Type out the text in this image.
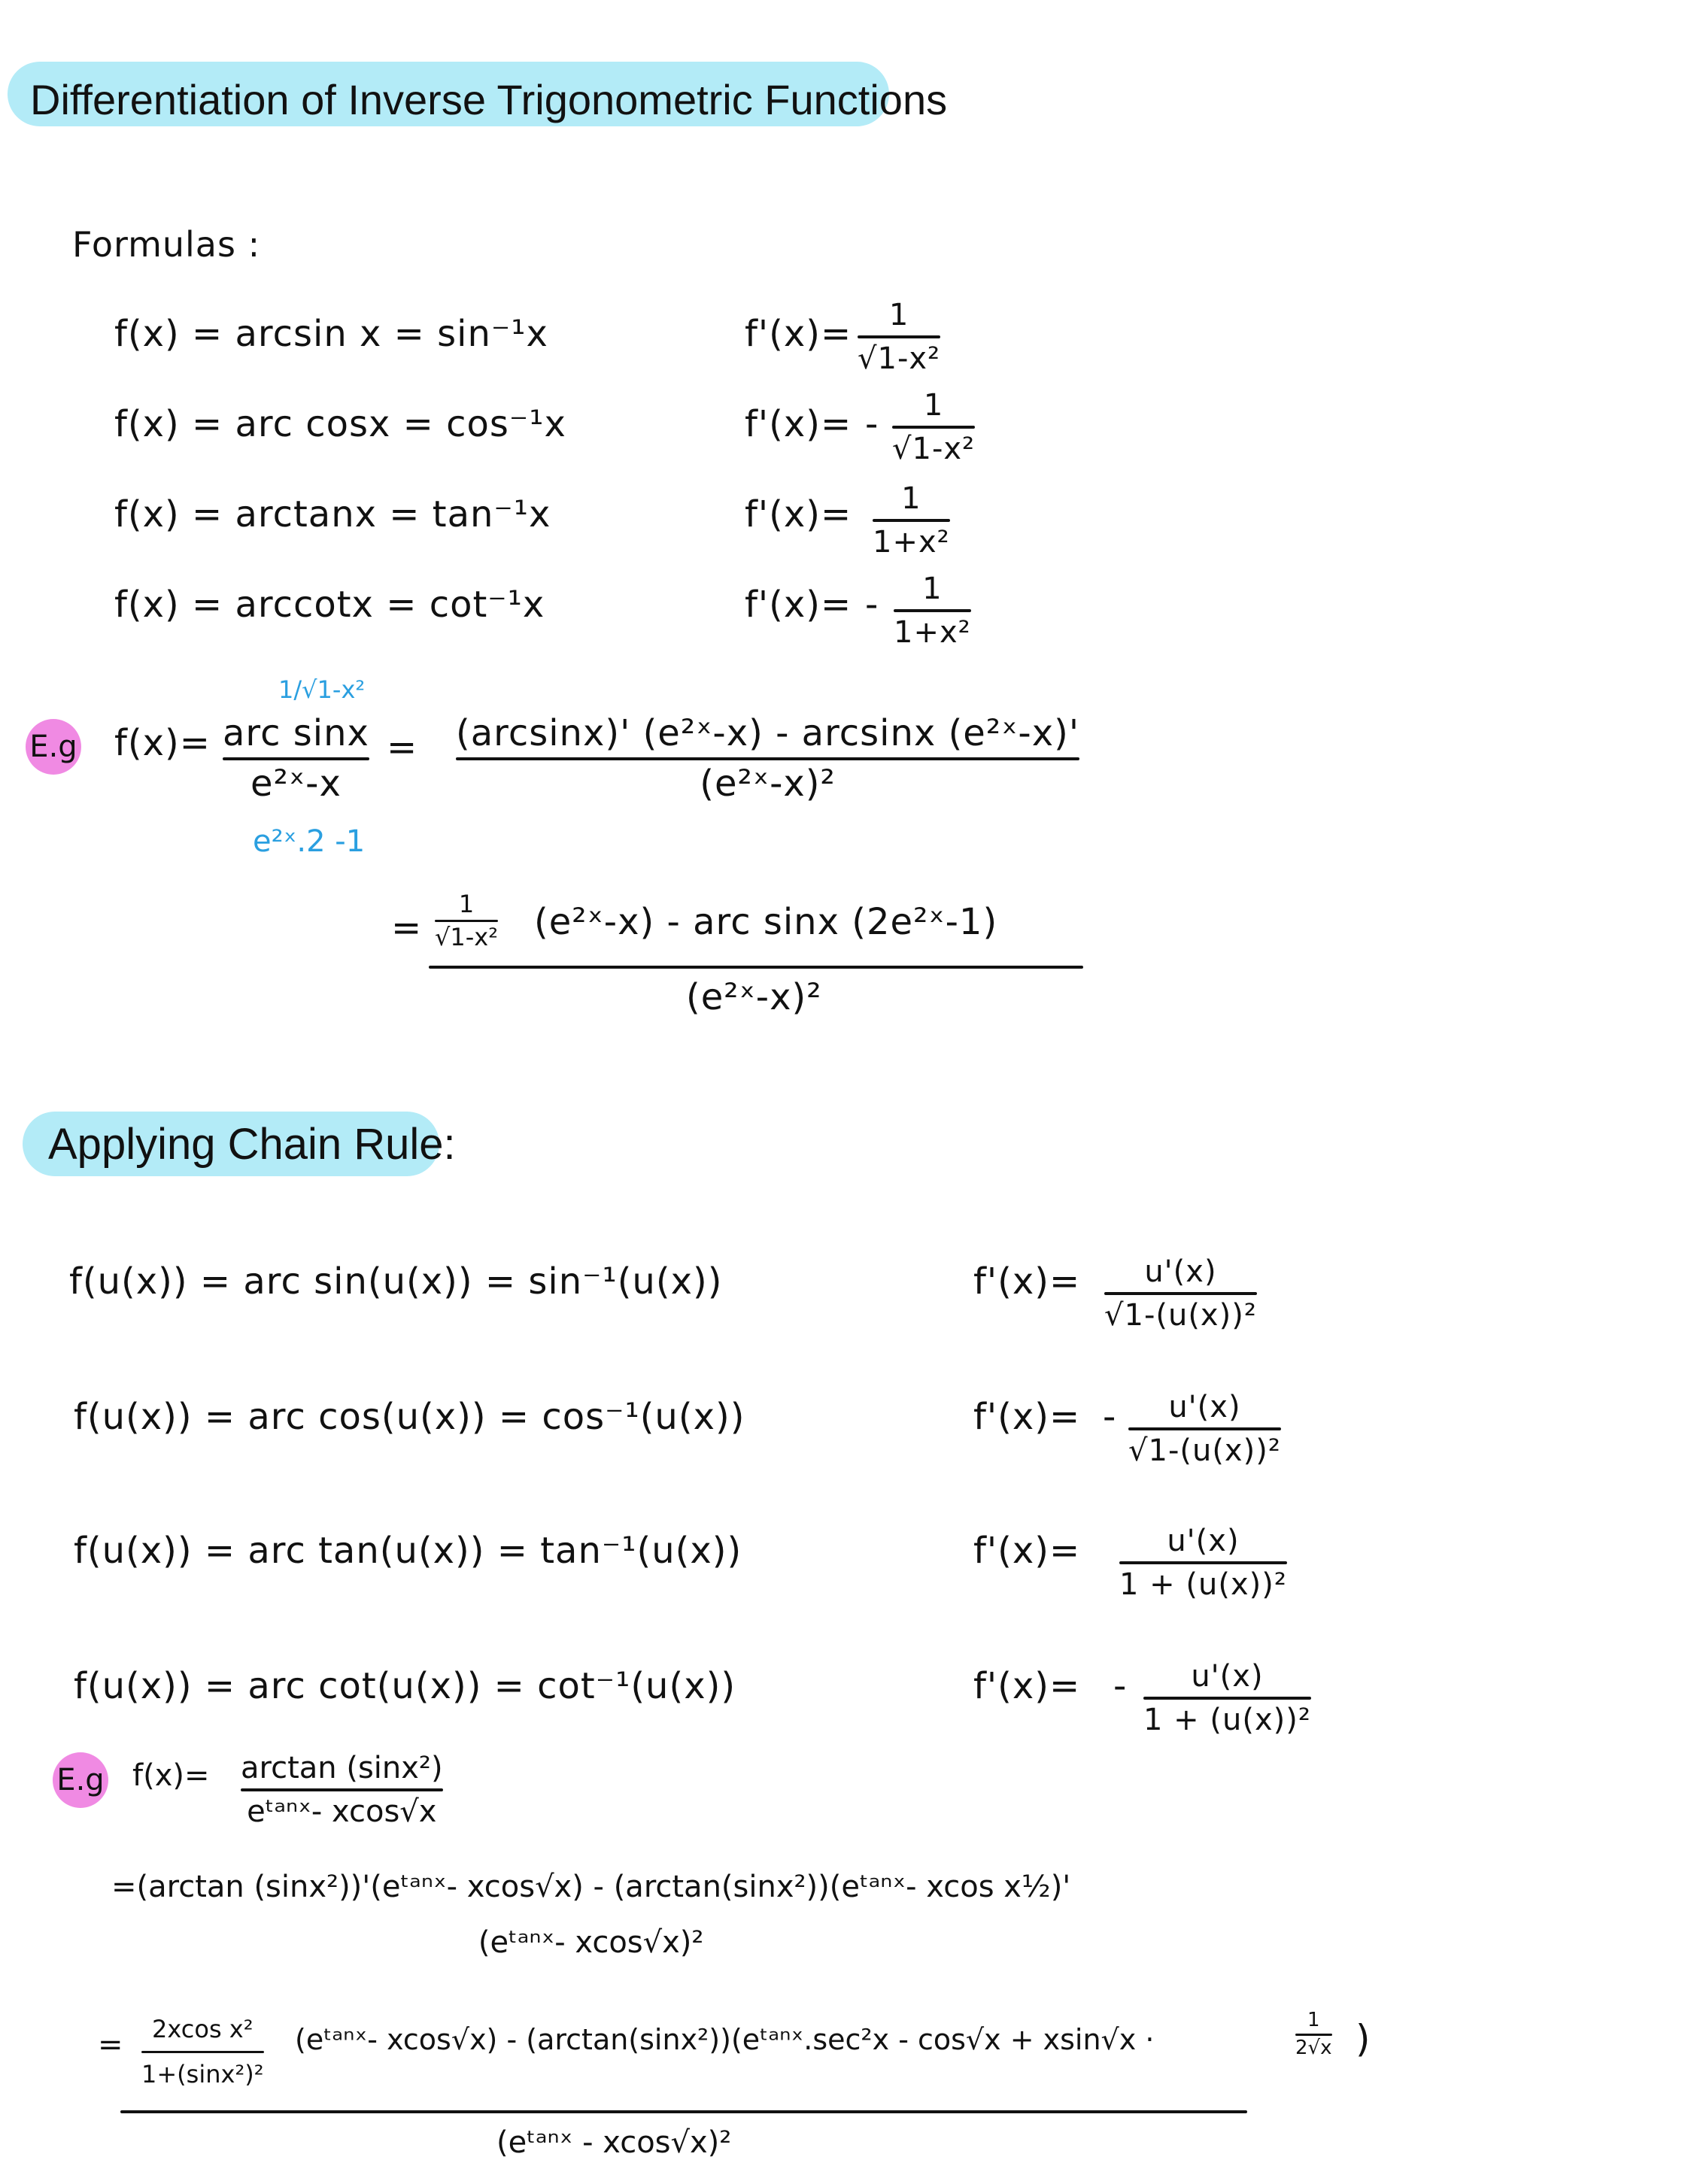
Differentiation of Inverse Trigonometric Functions
Formulas :
f(x) = arcsin x = sin⁻¹x
f(x) = arc cosx = cos⁻¹x
f(x) = arctanx = tan⁻¹x
f(x) = arccotx = cot⁻¹x
f'(x)= 1
√1-x²
f'(x)= - 1
√1-x²
f'(x)= 1
1+x²
f'(x)= - 1
1+x²
E.g f(x)=
1/√1-x²
arc sinx
e²ˣ-x
e²ˣ.2 -1
= (arcsinx)' (e²ˣ-x) - arcsinx (e²ˣ-x)'
(e²ˣ-x)²
=
1
√1-x² (e²ˣ-x) - arc sinx (2e²ˣ-1)
(e²ˣ-x)²
Applying Chain Rule:
f(u(x)) = arc sin(u(x)) = sin⁻¹(u(x))
f(u(x)) = arc cos(u(x)) = cos⁻¹(u(x))
f(u(x)) = arc tan(u(x)) = tan⁻¹(u(x))
f(u(x)) = arc cot(u(x)) = cot⁻¹(u(x))
f'(x)= u'(x)
√1-(u(x))²
f'(x)= - u'(x)
√1-(u(x))²
f'(x)=	u'(x)
1 + (u(x))²
f'(x)= - u'(x)
1 + (u(x))²
E.g f(x)= arctan (sinx²)
eᵗᵃⁿˣ- xcos√x
=(arctan (sinx²))'(eᵗᵃⁿˣ- xcos√x) - (arctan(sinx²))(eᵗᵃⁿˣ- xcos x½)'
(eᵗᵃⁿˣ- xcos√x)²
= 2xcos x²
1+(sinx²)²
(eᵗᵃⁿˣ- xcos√x) - (arctan(sinx²))(eᵗᵃⁿˣ.sec²x - cos√x + xsin√x ·
1
2√x )
(eᵗᵃⁿˣ - xcos√x)²
